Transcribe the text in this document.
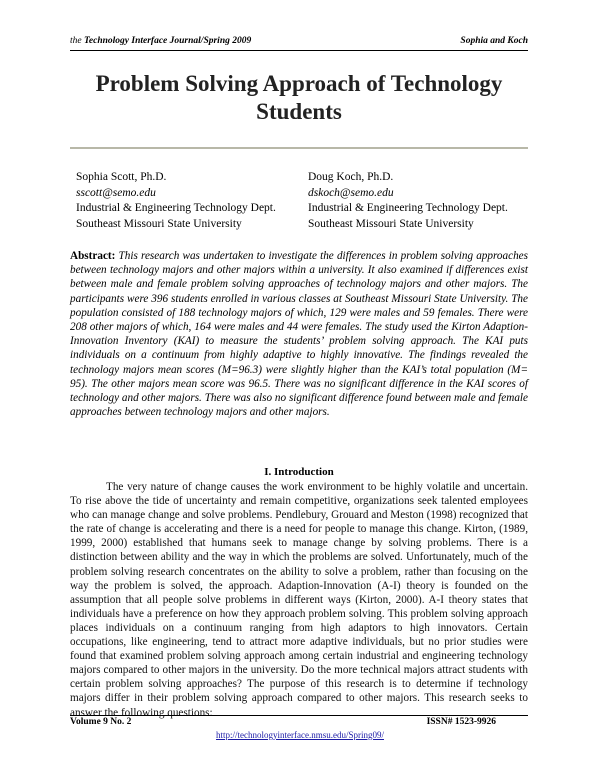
the Technology Interface Journal/Spring 2009	Sophia and Koch
Problem Solving Approach of Technology Students
Sophia Scott, Ph.D.
sscott@semo.edu
Industrial & Engineering Technology Dept.
Southeast Missouri State University
Doug Koch, Ph.D.
dskoch@semo.edu
Industrial & Engineering Technology Dept.
Southeast Missouri State University
Abstract: This research was undertaken to investigate the differences in problem solving approaches between technology majors and other majors within a university. It also examined if differences exist between male and female problem solving approaches of technology majors and other majors. The participants were 396 students enrolled in various classes at Southeast Missouri State University. The population consisted of 188 technology majors of which, 129 were males and 59 females. There were 208 other majors of which, 164 were males and 44 were females. The study used the Kirton Adaption-Innovation Inventory (KAI) to measure the students’ problem solving approach. The KAI puts individuals on a continuum from highly adaptive to highly innovative. The findings revealed the technology majors mean scores (M=96.3) were slightly higher than the KAI’s total population (M= 95). The other majors mean score was 96.5. There was no significant difference in the KAI scores of technology and other majors. There was also no significant difference found between male and female approaches between technology majors and other majors.
I. Introduction
The very nature of change causes the work environment to be highly volatile and uncertain. To rise above the tide of uncertainty and remain competitive, organizations seek talented employees who can manage change and solve problems. Pendlebury, Grouard and Meston (1998) recognized that the rate of change is accelerating and there is a need for people to manage this change. Kirton, (1989, 1999, 2000) established that humans seek to manage change by solving problems. There is a distinction between ability and the way in which the problems are solved. Unfortunately, much of the problem solving research concentrates on the ability to solve a problem, rather than focusing on the way the problem is solved, the approach. Adaption-Innovation (A-I) theory is founded on the assumption that all people solve problems in different ways (Kirton, 2000). A-I theory states that individuals have a preference on how they approach problem solving. This problem solving approach places individuals on a continuum ranging from high adaptors to high innovators. Certain occupations, like engineering, tend to attract more adaptive individuals, but no prior studies were found that examined problem solving approach among certain industrial and engineering technology majors compared to other majors in the university. Do the more technical majors attract students with certain problem solving approaches? The purpose of this research is to determine if technology majors differ in their problem solving approach compared to other majors. This research seeks to answer the following questions:
Volume 9 No. 2	ISSN# 1523-9926
http://technologyinterface.nmsu.edu/Spring09/
